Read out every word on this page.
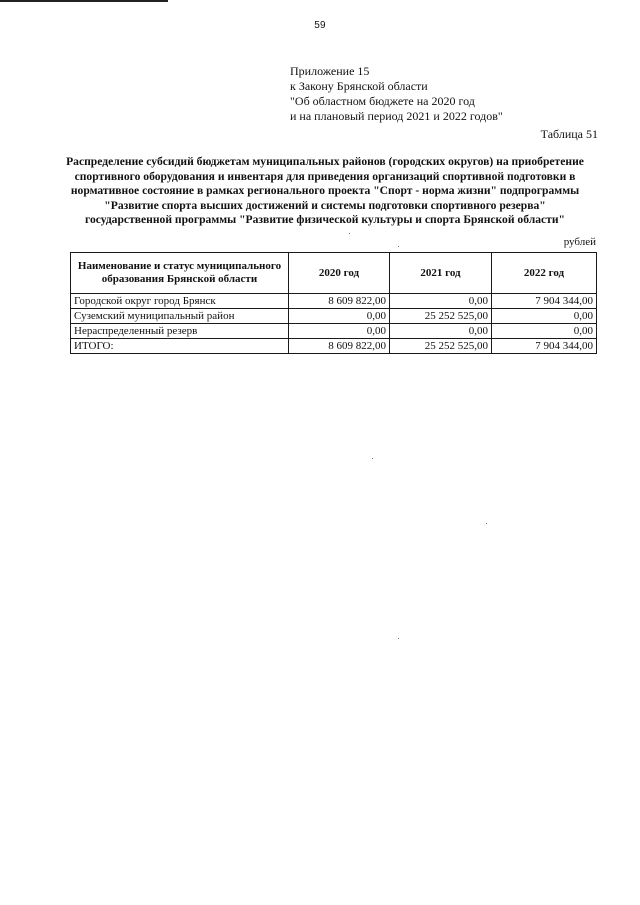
59
Приложение 15
к Закону Брянской области
"Об областном бюджете на 2020 год
и на плановый период 2021 и 2022 годов"
Таблица 51
Распределение субсидий бюджетам муниципальных районов (городских округов) на приобретение
спортивного оборудования и инвентаря для приведения организаций спортивной подготовки в
нормативное состояние в рамках регионального проекта "Спорт - норма жизни" подпрограммы
"Развитие спорта высших достижений и системы подготовки спортивного резерва"
государственной программы "Развитие физической культуры и спорта Брянской области"
рублей
Наименование и статус муниципального образования Брянской области	2020 год	2021 год	2022 год
Городской округ город Брянск	8 609 822,00	0,00	7 904 344,00
Суземский муниципальный район	0,00	25 252 525,00	0,00
Нераспределенный резерв	0,00	0,00	0,00
ИТОГО:	8 609 822,00	25 252 525,00	7 904 344,00
